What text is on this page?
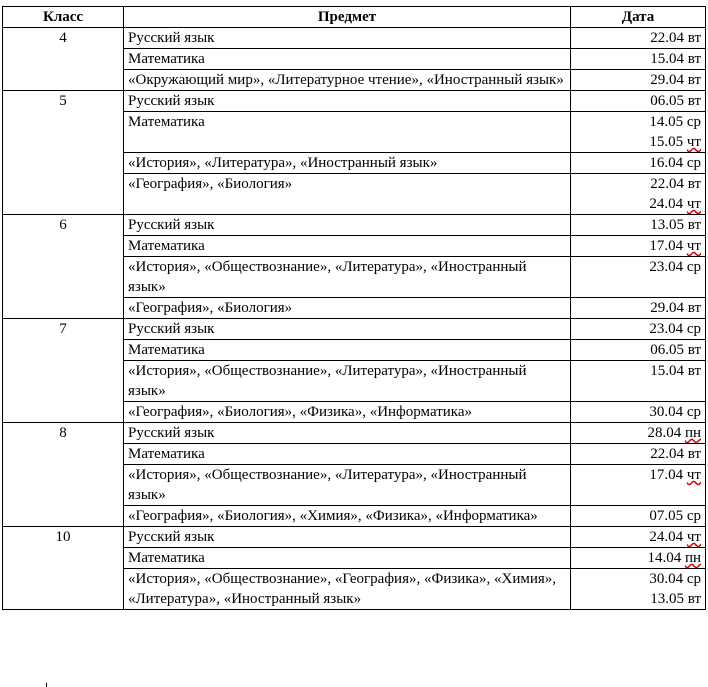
Класс	Предмет	Дата
4	Русский язык	22.04 вт

	Математика	15.04 вт

	«Окружающий мир», «Литературное чтение», «Иностранный язык»	29.04 вт

5	Русский язык	06.05 вт

	Математика	14.05 ср
15.05 чт

	«История», «Литература», «Иностранный язык»	16.04 ср

	«География», «Биология»	22.04 вт
24.04 чт

6	Русский язык	13.05 вт

	Математика	17.04 чт

	«История», «Обществознание», «Литература», «Иностранный язык»	23.04 ср

	«География», «Биология»	29.04 вт

7	Русский язык	23.04 ср

	Математика	06.05 вт

	«История», «Обществознание», «Литература», «Иностранный язык»	15.04 вт

	«География», «Биология», «Физика», «Информатика»	30.04 ср

8	Русский язык	28.04 пн

	Математика	22.04 вт

	«История», «Обществознание», «Литература», «Иностранный язык»	17.04 чт

	«География», «Биология», «Химия», «Физика», «Информатика»	07.05 ср

10	Русский язык	24.04 чт

	Математика	14.04 пн

	«История», «Обществознание», «География», «Физика», «Химия», «Литература», «Иностранный язык»	30.04 ср
13.05 вт
